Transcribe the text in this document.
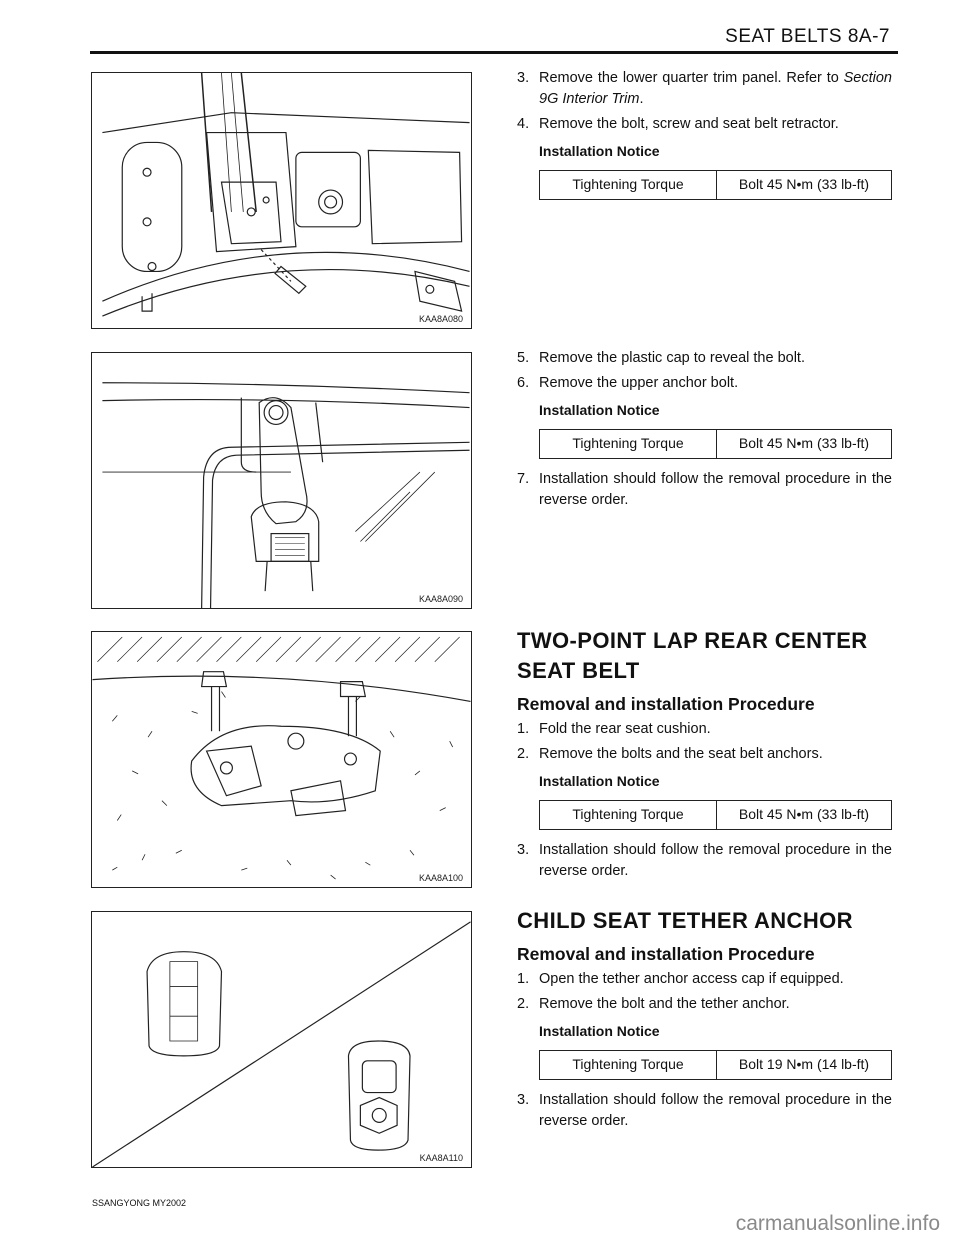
SEAT BELTS 8A-7
KAA8A080
KAA8A090
KAA8A100
KAA8A110
3. Remove the lower quarter trim panel. Refer to Section 9G Interior Trim.
4. Remove the bolt, screw and seat belt retractor.
Installation Notice
Tightening Torque	Bolt 45 N•m (33 lb-ft)
5. Remove the plastic cap to reveal the bolt.
6. Remove the upper anchor bolt.
Installation Notice
Tightening Torque	Bolt 45 N•m (33 lb-ft)
7. Installation should follow the removal procedure in the reverse order.
TWO-POINT LAP REAR CENTER
SEAT BELT
Removal and installation Procedure
1. Fold the rear seat cushion.
2. Remove the bolts and the seat belt anchors.
Installation Notice
Tightening Torque	Bolt 45 N•m (33 lb-ft)
3. Installation should follow the removal procedure in the reverse order.
CHILD SEAT TETHER ANCHOR
Removal and installation Procedure
1. Open the tether anchor access cap if equipped.
2. Remove the bolt and the tether anchor.
Installation Notice
Tightening Torque	Bolt 19 N•m (14 lb-ft)
3. Installation should follow the removal procedure in the reverse order.
SSANGYONG MY2002
carmanualsonline.info
